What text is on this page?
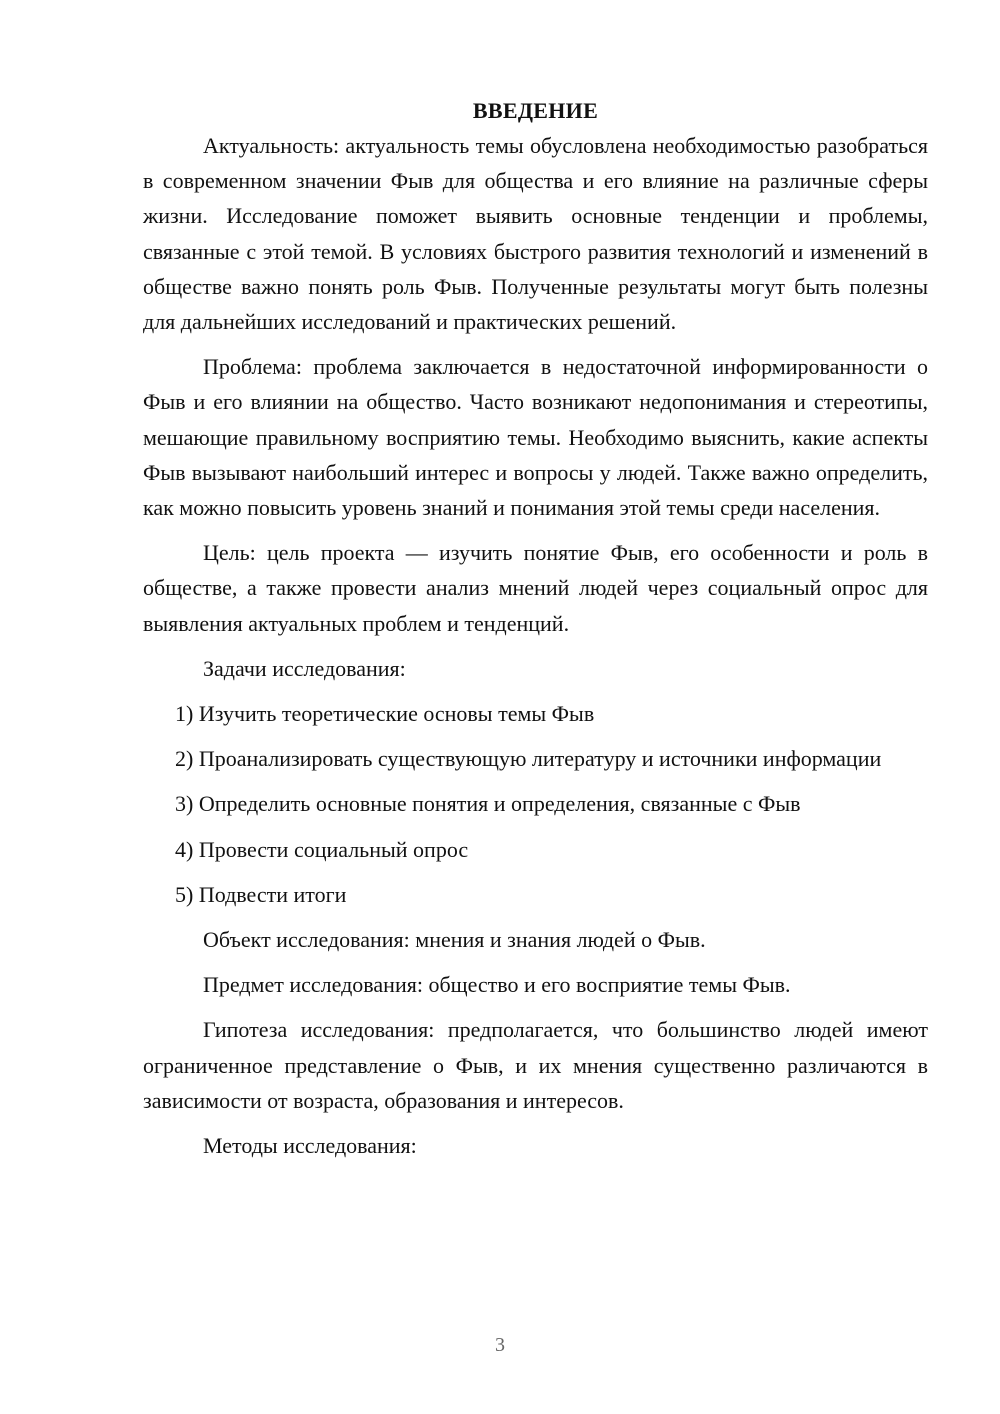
ВВЕДЕНИЕ

Актуальность: актуальность темы обусловлена необходимостью разобраться в современном значении Фыв для общества и его влияние на различные сферы жизни. Исследование поможет выявить основные тенденции и проблемы, связанные с этой темой. В условиях быстрого развития технологий и изменений в обществе важно понять роль Фыв. Полученные результаты могут быть полезны для дальнейших исследований и практических решений.

Проблема: проблема заключается в недостаточной информированности о Фыв и его влиянии на общество. Часто возникают недопонимания и стереотипы, мешающие правильному восприятию темы. Необходимо выяснить, какие аспекты Фыв вызывают наибольший интерес и вопросы у людей. Также важно определить, как можно повысить уровень знаний и понимания этой темы среди населения.

Цель: цель проекта — изучить понятие Фыв, его особенности и роль в обществе, а также провести анализ мнений людей через социальный опрос для выявления актуальных проблем и тенденций.

Задачи исследования:

1) Изучить теоретические основы темы Фыв

2) Проанализировать существующую литературу и источники информации

3) Определить основные понятия и определения, связанные с Фыв

4) Провести социальный опрос

5) Подвести итоги

Объект исследования: мнения и знания людей о Фыв.

Предмет исследования: общество и его восприятие темы Фыв.

Гипотеза исследования: предполагается, что большинство людей имеют ограниченное представление о Фыв, и их мнения существенно различаются в зависимости от возраста, образования и интересов.

Методы исследования:

3
